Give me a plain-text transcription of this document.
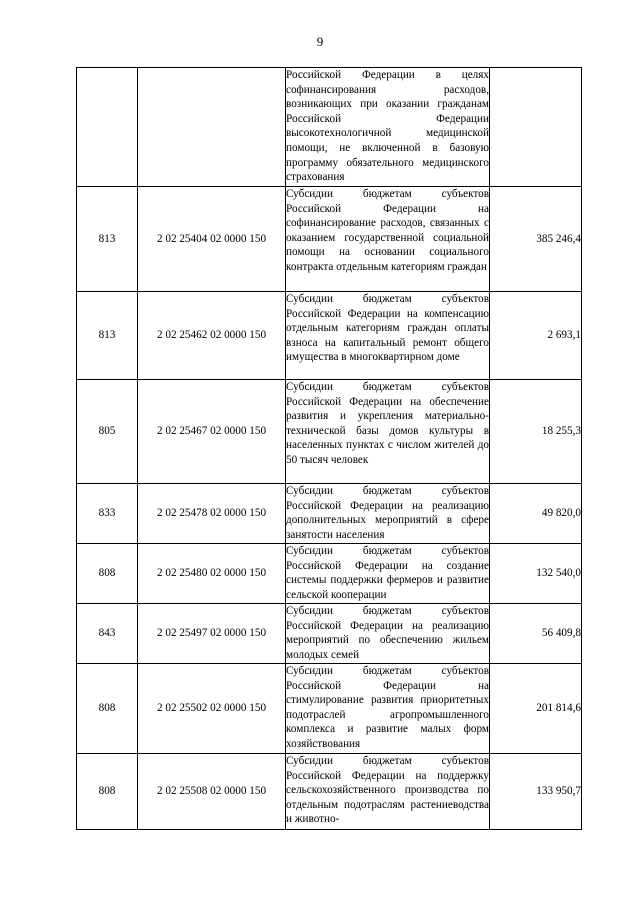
9
		Российской Федерации в целях софинансирования расходов, возникающих при оказании гражданам Российской Федерации высокотехнологичной медицинской помощи, не включенной в базовую программу обязательного медицинского страхования	
813	2 02 25404 02 0000 150	Субсидии бюджетам субъектов Российской Федерации на софинансирование расходов, связанных с оказанием государственной социальной помощи на основании социального контракта отдельным категориям граждан	385 246,4
813	2 02 25462 02 0000 150	Субсидии бюджетам субъектов Российской Федерации на компенсацию отдельным категориям граждан оплаты взноса на капитальный ремонт общего имущества в многоквартирном доме	2 693,1
805	2 02 25467 02 0000 150	Субсидии бюджетам субъектов Российской Федерации на обеспечение развития и укрепления материально-технической базы домов культуры в населенных пунктах с числом жителей до 50 тысяч человек	18 255,3
833	2 02 25478 02 0000 150	Субсидии бюджетам субъектов Российской Федерации на реализацию дополнительных мероприятий в сфере занятости населения	49 820,0
808	2 02 25480 02 0000 150	Субсидии бюджетам субъектов Российской Федерации на создание системы поддержки фермеров и развитие сельской кооперации	132 540,0
843	2 02 25497 02 0000 150	Субсидии бюджетам субъектов Российской Федерации на реализацию мероприятий по обеспечению жильем молодых семей	56 409,8
808	2 02 25502 02 0000 150	Субсидии бюджетам субъектов Российской Федерации на стимулирование развития приоритетных подотраслей агропромышленного комплекса и развитие малых форм хозяйствования	201 814,6
808	2 02 25508 02 0000 150	Субсидии бюджетам субъектов Российской Федерации на поддержку сельскохозяйственного производства по отдельным подотраслям растениеводства и животно-	133 950,7
